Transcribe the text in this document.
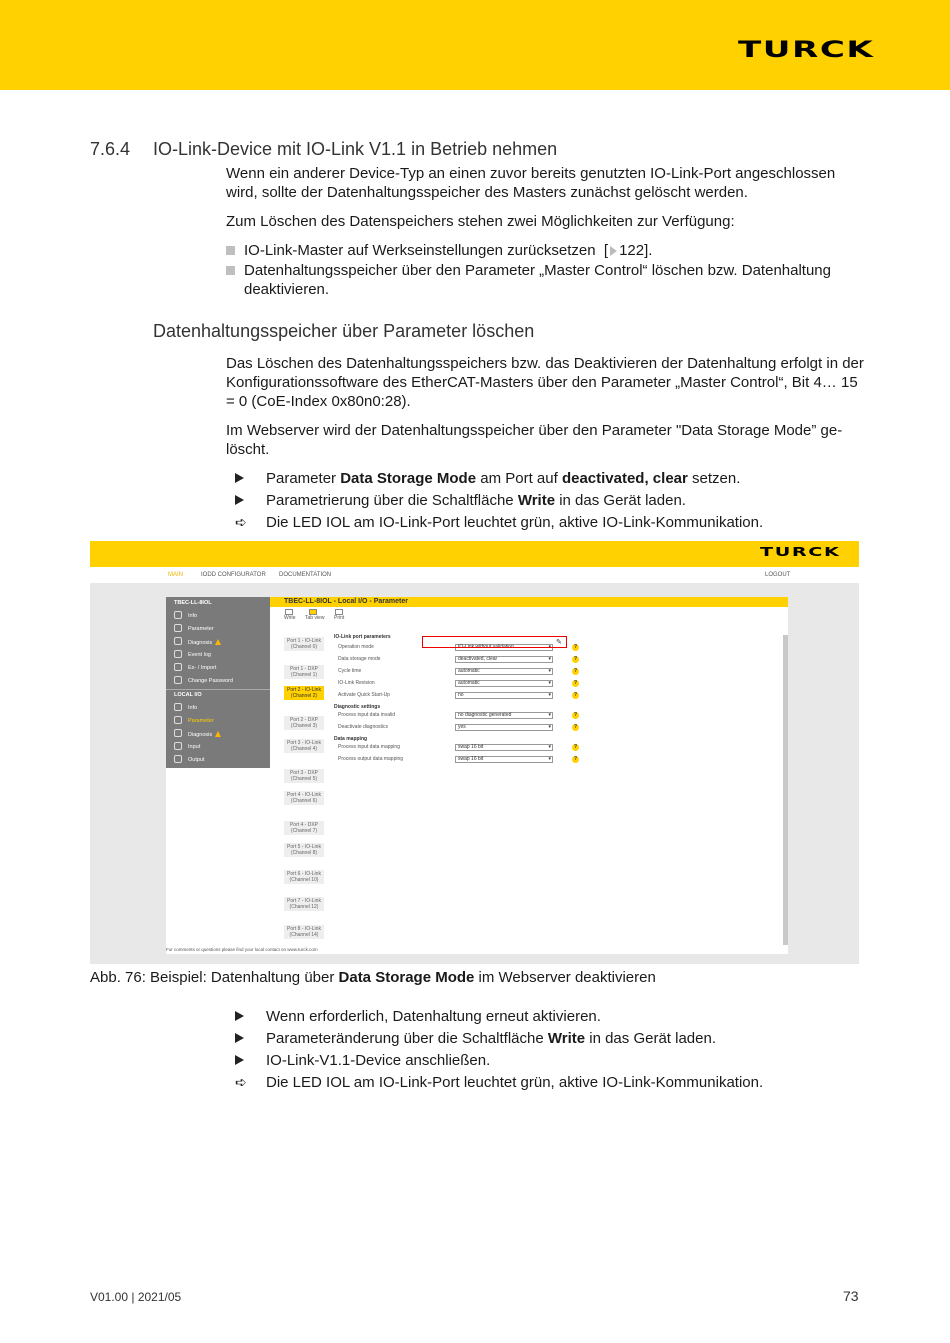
TURCK
7.6.4 IO-Link-Device mit IO-Link V1.1 in Betrieb nehmen
Wenn ein anderer Device-Typ an einen zuvor bereits genutzten IO-Link-Port angeschlossen wird, sollte der Datenhaltungsspeicher des Masters zunächst gelöscht werden.
Zum Löschen des Datenspeichers stehen zwei Möglichkeiten zur Verfügung:
IO-Link-Master auf Werkseinstellungen zurücksetzen  [ 122].
Datenhaltungsspeicher über den Parameter „Master Control“ löschen bzw. Datenhaltung deaktivieren.
Datenhaltungsspeicher über Parameter löschen
Das Löschen des Datenhaltungsspeichers bzw. das Deaktivieren der Datenhaltung erfolgt in der Konfigurationssoftware des EtherCAT-Masters über den Parameter „Master Control“, Bit 4… 15 = 0 (CoE-Index 0x80n0:28).
Im Webserver wird der Datenhaltungsspeicher über den Parameter "Data Storage Mode” ge-löscht.
Parameter Data Storage Mode am Port auf deactivated, clear setzen.
Parametrierung über die Schaltfläche Write in das Gerät laden.
➪ Die LED IOL am IO-Link-Port leuchtet grün, aktive IO-Link-Kommunikation.
TURCK
MAIN	IODD CONFIGURATOR DOCUMENTATION	LOGOUT
TBEC-LL-8IOL
Info
Parameter
Diagnosis
Event log
Ex- / Import
Change Password
LOCAL I/O
Info
Parameter
Diagnosis
Input
Output
TBEC-LL-8IOL - Local I/O - Parameter
Write Tab view Print
Port 1 - IO-Link (Channel 0)
Port 1 - DXP (Channel 1)
Port 2 - IO-Link (Channel 2)
Port 2 - DXP (Channel 3)
Port 3 - IO-Link (Channel 4)
Port 3 - DXP (Channel 5)
Port 4 - IO-Link (Channel 6)
Port 4 - DXP (Channel 7)
Port 5 - IO-Link (Channel 8)
Port 6 - IO-Link (Channel 10)
Port 7 - IO-Link (Channel 12)
Port 8 - IO-Link (Channel 14)
IO-Link port parameters
Operation mode	IO-Link without validation ▾	?
Data storage mode	deactivated, clear ▾	?
✎
Cycle time	automatic ▾	?
IO-Link Revision	automatic ▾	?
Activate Quick Start-Up	no ▾	?
Diagnostic settings
Process input data invalid	no diagnostic generated ▾	?
Deactivate diagnostics	yes ▾	?
Data mapping
Process input data mapping	swap 16 bit ▾	?
Process output data mapping	swap 16 bit ▾	?
For comments or questions please find your local contact on www.turck.com
Abb. 76: Beispiel: Datenhaltung über Data Storage Mode im Webserver deaktivieren
Wenn erforderlich, Datenhaltung erneut aktivieren.
Parameteränderung über die Schaltfläche Write in das Gerät laden.
IO-Link-V1.1-Device anschließen.
➪ Die LED IOL am IO-Link-Port leuchtet grün, aktive IO-Link-Kommunikation.
V01.00 | 2021/05	73
